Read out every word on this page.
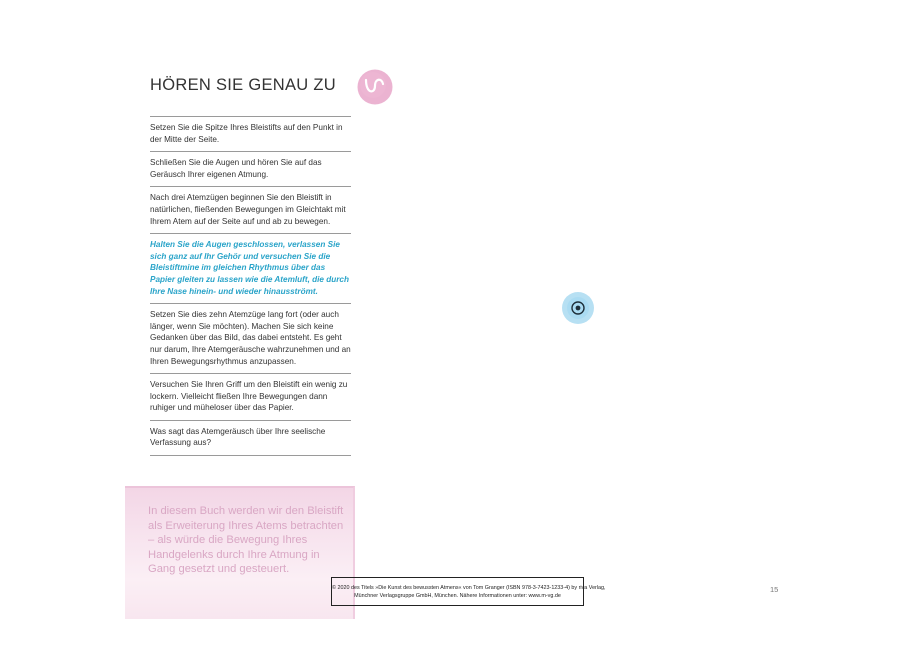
HÖREN SIE GENAU ZU
Setzen Sie die Spitze Ihres Bleistifts auf den Punkt in der Mitte der Seite.
Schließen Sie die Augen und hören Sie auf das Geräusch Ihrer eigenen Atmung.
Nach drei Atemzügen beginnen Sie den Bleistift in natürlichen, fließenden Bewegungen im Gleichtakt mit Ihrem Atem auf der Seite auf und ab zu bewegen.
Halten Sie die Augen geschlossen, verlassen Sie sich ganz auf Ihr Gehör und versuchen Sie die Bleistiftmine im gleichen Rhythmus über das Papier gleiten zu lassen wie die Atemluft, die durch Ihre Nase hinein- und wieder hinausströmt.
Setzen Sie dies zehn Atemzüge lang fort (oder auch länger, wenn Sie möchten). Machen Sie sich keine Gedanken über das Bild, das dabei entsteht. Es geht nur darum, Ihre Atemgeräusche wahrzunehmen und an Ihren Bewegungsrhythmus anzupassen.
Versuchen Sie Ihren Griff um den Bleistift ein wenig zu lockern. Vielleicht fließen Ihre Bewegungen dann ruhiger und müheloser über das Papier.
Was sagt das Atemgeräusch über Ihre seelische Verfassung aus?
In diesem Buch werden wir den Bleistift als Erweiterung Ihres Atems betrachten – als würde die Bewegung Ihres Handgelenks durch Ihre Atmung in Gang gesetzt und gesteuert.
© 2020 des Titels »Die Kunst des bewussten Atmens« von Tom Granger (ISBN 978-3-7423-1233-4) by riva Verlag,
Münchner Verlagsgruppe GmbH, München. Nähere Informationen unter: www.m-vg.de
15
